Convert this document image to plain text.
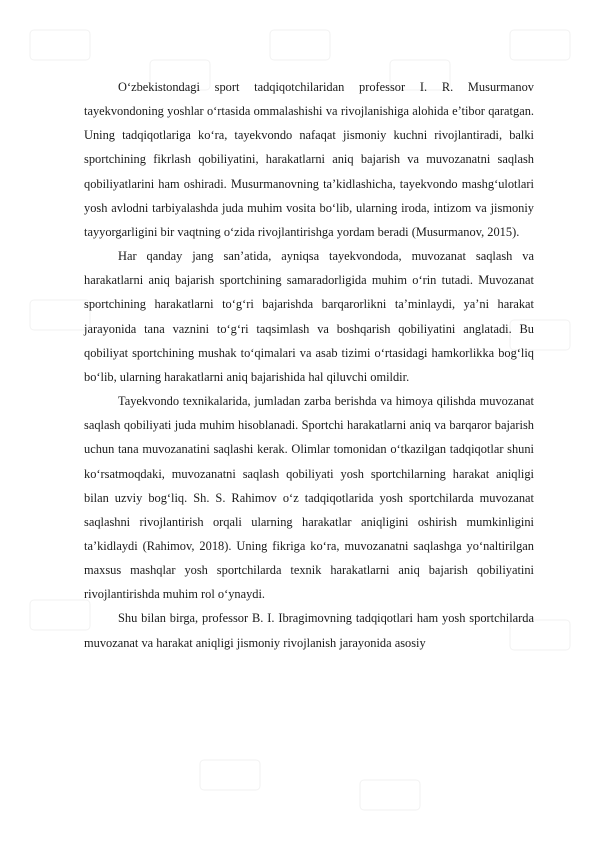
O‘zbekistondagi sport tadqiqotchilaridan professor I. R. Musurmanov tayekvondoning yoshlar o‘rtasida ommalashishi va rivojlanishiga alohida e’tibor qaratgan. Uning tadqiqotlariga ko‘ra, tayekvondo nafaqat jismoniy kuchni rivojlantiradi, balki sportchining fikrlash qobiliyatini, harakatlarni aniq bajarish va muvozanatni saqlash qobiliyatlarini ham oshiradi. Musurmanovning ta’kidlashicha, tayekvondo mashg‘ulotlari yosh avlodni tarbiyalashda juda muhim vosita bo‘lib, ularning iroda, intizom va jismoniy tayyorgarligini bir vaqtning o‘zida rivojlantirishga yordam beradi (Musurmanov, 2015).

Har qanday jang san’atida, ayniqsa tayekvondoda, muvozanat saqlash va harakatlarni aniq bajarish sportchining samaradorligida muhim o‘rin tutadi. Muvozanat sportchining harakatlarni to‘g‘ri bajarishda barqarorlikni ta’minlaydi, ya’ni harakat jarayonida tana vaznini to‘g‘ri taqsimlash va boshqarish qobiliyatini anglatadi. Bu qobiliyat sportchining mushak to‘qimalari va asab tizimi o‘rtasidagi hamkorlikka bog‘liq bo‘lib, ularning harakatlarni aniq bajarishida hal qiluvchi omildir.

Tayekvondo texnikalarida, jumladan zarba berishda va himoya qilishda muvozanat saqlash qobiliyati juda muhim hisoblanadi. Sportchi harakatlarni aniq va barqaror bajarish uchun tana muvozanatini saqlashi kerak. Olimlar tomonidan o‘tkazilgan tadqiqotlar shuni ko‘rsatmoqdaki, muvozanatni saqlash qobiliyati yosh sportchilarning harakat aniqligi bilan uzviy bog‘liq. Sh. S. Rahimov o‘z tadqiqotlarida yosh sportchilarda muvozanat saqlashni rivojlantirish orqali ularning harakatlar aniqligini oshirish mumkinligini ta’kidlaydi (Rahimov, 2018). Uning fikriga ko‘ra, muvozanatni saqlashga yo‘naltirilgan maxsus mashqlar yosh sportchilarda texnik harakatlarni aniq bajarish qobiliyatini rivojlantirishda muhim rol o‘ynaydi.

Shu bilan birga, professor B. I. Ibragimovning tadqiqotlari ham yosh sportchilarda muvozanat va harakat aniqligi jismoniy rivojlanish jarayonida asosiy
